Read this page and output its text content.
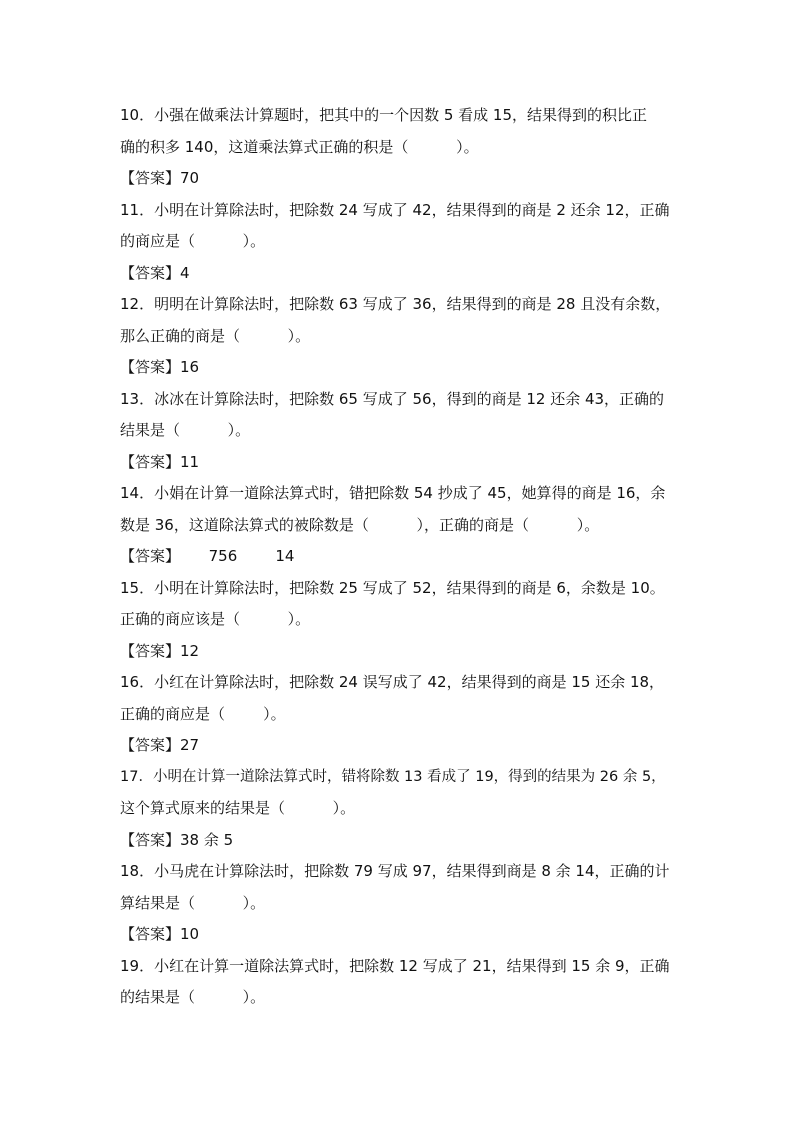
10．小强在做乘法计算题时，把其中的一个因数 5 看成 15，结果得到的积比正
确的积多 140，这道乘法算式正确的积是（          ）。
【答案】70
11．小明在计算除法时，把除数 24 写成了 42，结果得到的商是 2 还余 12，正确
的商应是（          ）。
【答案】4
12．明明在计算除法时，把除数 63 写成了 36，结果得到的商是 28 且没有余数，
那么正确的商是（          ）。
【答案】16
13．冰冰在计算除法时，把除数 65 写成了 56，得到的商是 12 还余 43，正确的
结果是（          ）。
【答案】11
14．小娟在计算一道除法算式时，错把除数 54 抄成了 45，她算得的商是 16，余
数是 36，这道除法算式的被除数是（          ），正确的商是（          ）。
【答案】      756        14
15．小明在计算除法时，把除数 25 写成了 52，结果得到的商是 6，余数是 10。
正确的商应该是（          ）。
【答案】12
16．小红在计算除法时，把除数 24 误写成了 42，结果得到的商是 15 还余 18，
正确的商应是（        ）。
【答案】27
17．小明在计算一道除法算式时，错将除数 13 看成了 19，得到的结果为 26 余 5，
这个算式原来的结果是（          ）。
【答案】38 余 5
18．小马虎在计算除法时，把除数 79 写成 97，结果得到商是 8 余 14，正确的计
算结果是（          ）。
【答案】10
19．小红在计算一道除法算式时，把除数 12 写成了 21，结果得到 15 余 9，正确
的结果是（          ）。
